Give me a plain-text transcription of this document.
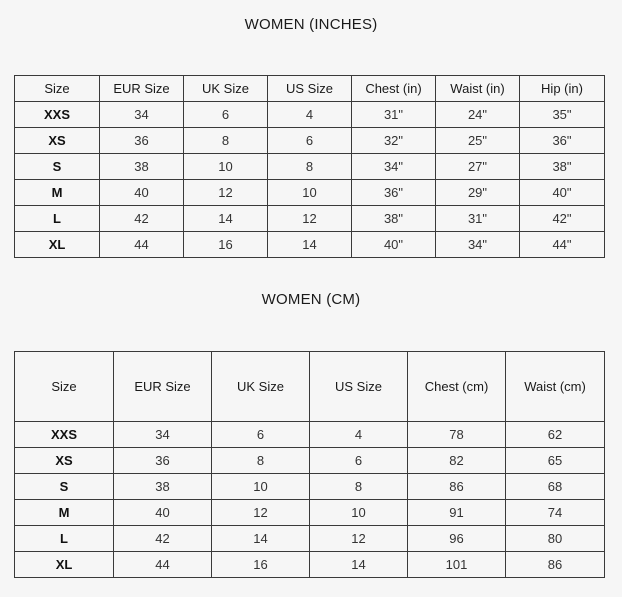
WOMEN (INCHES)
Size	EUR Size	UK Size	US Size	Chest (in)	Waist (in)	Hip (in)
XXS	34	6	4	31"	24"	35"
XS	36	8	6	32"	25"	36"
S	38	10	8	34"	27"	38"
M	40	12	10	36"	29"	40"
L	42	14	12	38"	31"	42"
XL	44	16	14	40"	34"	44"
WOMEN (CM)
Size	EUR Size	UK Size	US Size	Chest (cm)	Waist (cm)
XXS	34	6	4	78	62
XS	36	8	6	82	65
S	38	10	8	86	68
M	40	12	10	91	74
L	42	14	12	96	80
XL	44	16	14	101	86
